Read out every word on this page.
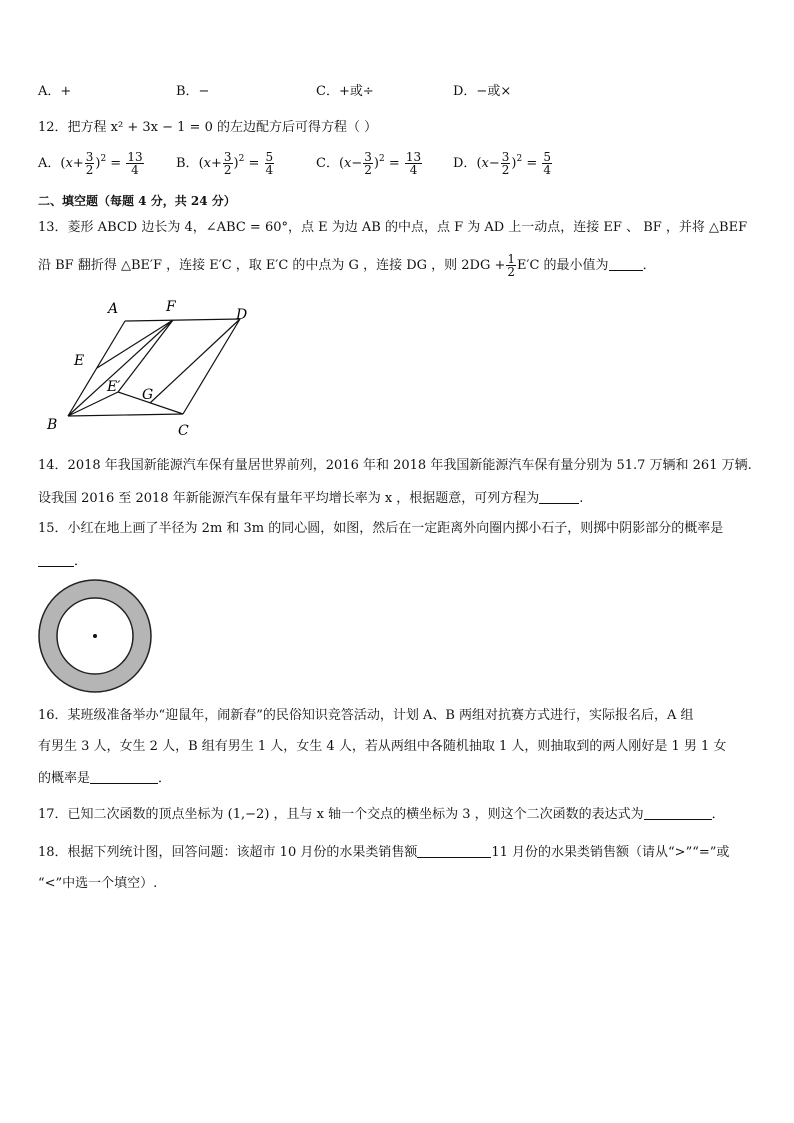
A．+	B．−	C．+或÷	D．−或×
12．把方程 x² + 3x − 1 = 0 的左边配方后可得方程（ ）
A．$(x+ \frac{3}{2} )^2 = \frac{13}{4}$ B．$(x+ \frac{3}{2} )^2 = \frac{5}{4}$	C．$(x- \frac{3}{2} )^2 = \frac{13}{4}$ D．$(x- \frac{3}{2} )^2 = \frac{5}{4}$
二、填空题（每题 4 分，共 24 分）
13．菱形 ABCD 边长为 4，∠ABC = 60°，点 E 为边 AB 的中点，点 F 为 AD 上一动点，连接 EF 、 BF ，并将 △BEF
沿 BF 翻折得 △BE′F ，连接 E′C ，取 E′C 的中点为 G ，连接 DG ，则 $2DG + \frac{1}{2} E'C$ 的最小值为	．
A	F	D
E
E′ G
B	C
14．2018 年我国新能源汽车保有量居世界前列，2016 年和 2018 年我国新能源汽车保有量分别为 51.7 万辆和 261 万辆.
设我国 2016 至 2018 年新能源汽车保有量年平均增长率为 x ，根据题意，可列方程为	.
15．小红在地上画了半径为 2m 和 3m 的同心圆，如图，然后在一定距离外向圈内掷小石子，则掷中阴影部分的概率是
．
16．某班级准备举办“迎鼠年，闹新春”的民俗知识竞答活动，计划 A、B 两组对抗赛方式进行，实际报名后，A 组
有男生 3 人，女生 2 人，B 组有男生 1 人，女生 4 人，若从两组中各随机抽取 1 人，则抽取到的两人刚好是 1 男 1 女
的概率是	．
17．已知二次函数的顶点坐标为 (1,−2) ，且与 x 轴一个交点的横坐标为 3 ，则这个二次函数的表达式为	．
18．根据下列统计图，回答问题：该超市 10 月份的水果类销售额	11 月份的水果类销售额（请从“>”“=”或
“<”中选一个填空）.
